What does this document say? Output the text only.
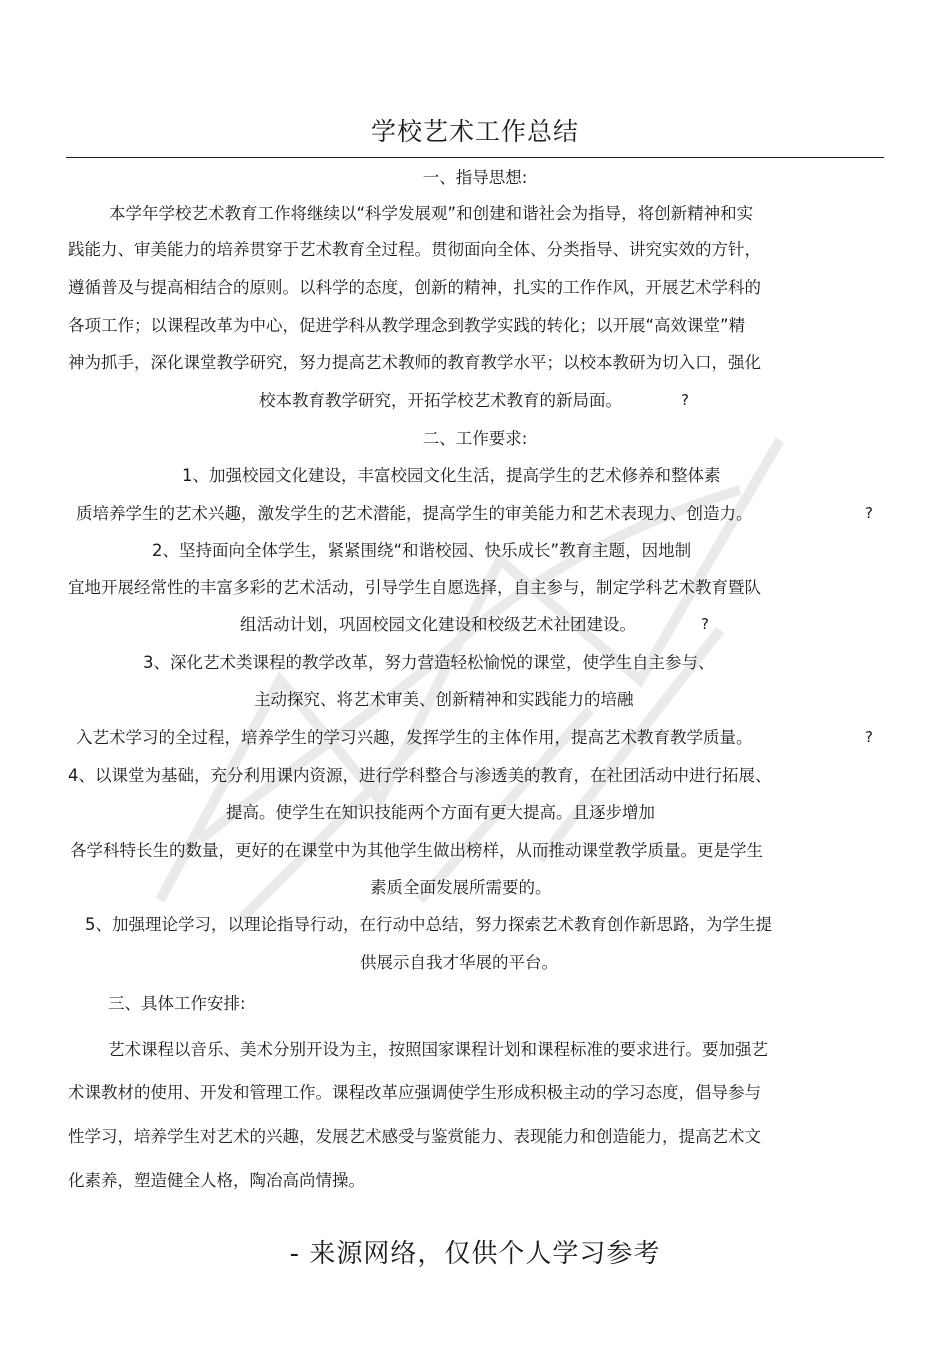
学校艺术工作总结
一、指导思想:
本学年学校艺术教育工作将继续以“科学发展观”和创建和谐社会为指导，将创新精神和实
践能力、审美能力的培养贯穿于艺术教育全过程。贯彻面向全体、分类指导、讲究实效的方针，
遵循普及与提高相结合的原则。以科学的态度，创新的精神，扎实的工作作风，开展艺术学科的
各项工作；以课程改革为中心，促进学科从教学理念到教学实践的转化；以开展“高效课堂”精
神为抓手，深化课堂教学研究，努力提高艺术教师的教育教学水平；以校本教研为切入口，强化
校本教育教学研究，开拓学校艺术教育的新局面。	?
二、工作要求:
1、加强校园文化建设，丰富校园文化生活，提高学生的艺术修养和整体素
质培养学生的艺术兴趣，激发学生的艺术潜能，提高学生的审美能力和艺术表现力、创造力。	?
2、坚持面向全体学生，紧紧围绕“和谐校园、快乐成长”教育主题，因地制
宜地开展经常性的丰富多彩的艺术活动，引导学生自愿选择，自主参与，制定学科艺术教育暨队
组活动计划，巩固校园文化建设和校级艺术社团建设。	?
3、深化艺术类课程的教学改革，努力营造轻松愉悦的课堂，使学生自主参与、
主动探究、将艺术审美、创新精神和实践能力的培融
入艺术学习的全过程，培养学生的学习兴趣，发挥学生的主体作用，提高艺术教育教学质量。	?
4、以课堂为基础，充分利用课内资源，进行学科整合与渗透美的教育，在社团活动中进行拓展、
提高。使学生在知识技能两个方面有更大提高。且逐步增加
各学科特长生的数量，更好的在课堂中为其他学生做出榜样，从而推动课堂教学质量。更是学生
素质全面发展所需要的。
5、加强理论学习，以理论指导行动，在行动中总结，努力探索艺术教育创作新思路，为学生提
供展示自我才华展的平台。
三、具体工作安排:
艺术课程以音乐、美术分别开设为主，按照国家课程计划和课程标准的要求进行。要加强艺
术课教材的使用、开发和管理工作。课程改革应强调使学生形成积极主动的学习态度，倡导参与
性学习，培养学生对艺术的兴趣，发展艺术感受与鉴赏能力、表现能力和创造能力，提高艺术文
化素养，塑造健全人格，陶冶高尚情操。
- 来源网络，仅供个人学习参考
